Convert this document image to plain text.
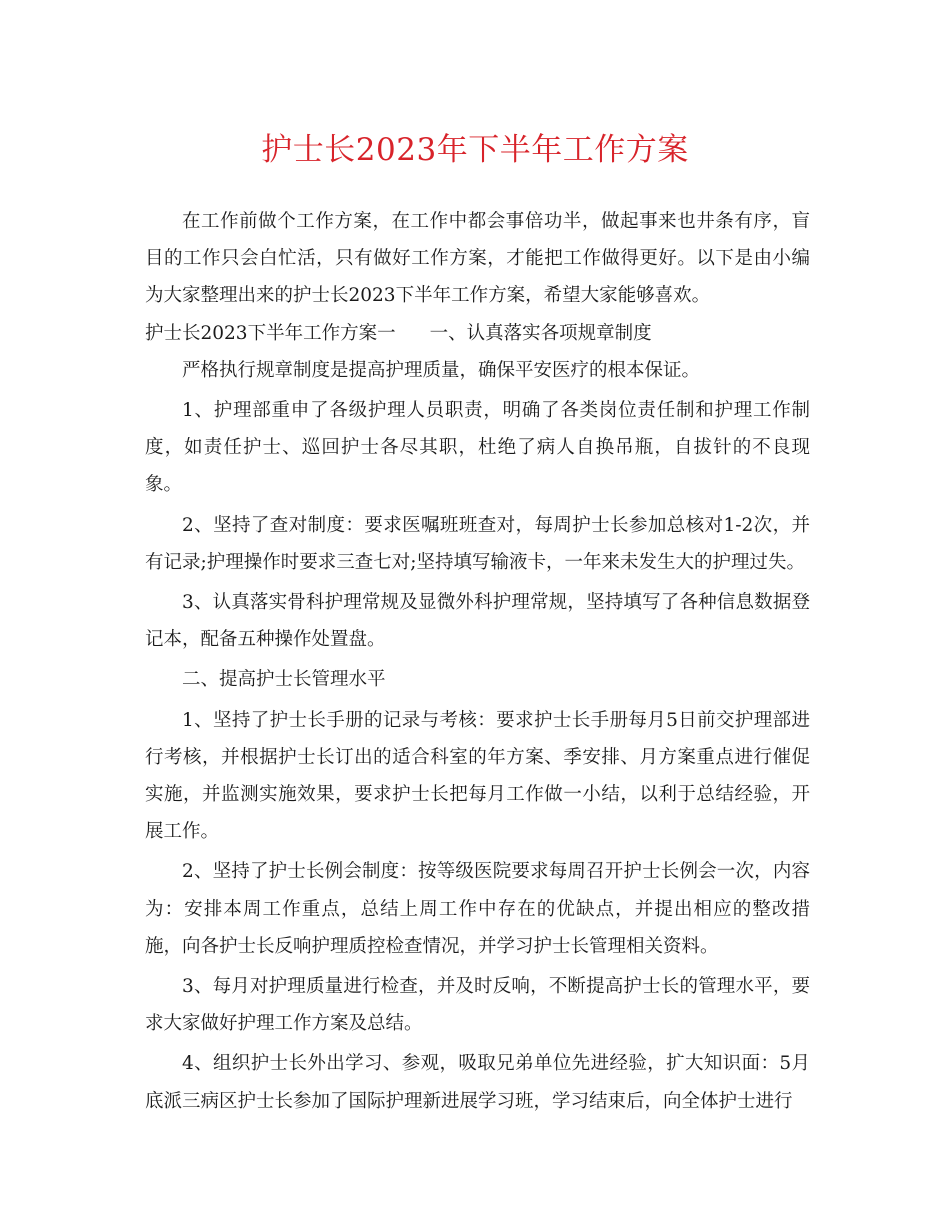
护士长2023年下半年工作方案

在工作前做个工作方案，在工作中都会事倍功半，做起事来也井条有序，盲目的工作只会白忙活，只有做好工作方案，才能把工作做得更好。以下是由小编为大家整理出来的护士长2023下半年工作方案，希望大家能够喜欢。

护士长2023下半年工作方案一 一、认真落实各项规章制度

严格执行规章制度是提高护理质量，确保平安医疗的根本保证。

1、护理部重申了各级护理人员职责，明确了各类岗位责任制和护理工作制度，如责任护士、巡回护士各尽其职，杜绝了病人自换吊瓶，自拔针的不良现象。

2、坚持了查对制度：要求医嘱班班查对，每周护士长参加总核对1-2次，并有记录;护理操作时要求三查七对;坚持填写输液卡，一年来未发生大的护理过失。

3、认真落实骨科护理常规及显微外科护理常规，坚持填写了各种信息数据登记本，配备五种操作处置盘。

二、提高护士长管理水平

1、坚持了护士长手册的记录与考核：要求护士长手册每月5日前交护理部进行考核，并根据护士长订出的适合科室的年方案、季安排、月方案重点进行催促实施，并监测实施效果，要求护士长把每月工作做一小结，以利于总结经验，开展工作。

2、坚持了护士长例会制度：按等级医院要求每周召开护士长例会一次，内容为：安排本周工作重点，总结上周工作中存在的优缺点，并提出相应的整改措施，向各护士长反响护理质控检查情况，并学习护士长管理相关资料。

3、每月对护理质量进行检查，并及时反响，不断提高护士长的管理水平，要求大家做好护理工作方案及总结。

4、组织护士长外出学习、参观，吸取兄弟单位先进经验，扩大知识面：5月底派三病区护士长参加了国际护理新进展学习班，学习结束后，向全体护士进行
